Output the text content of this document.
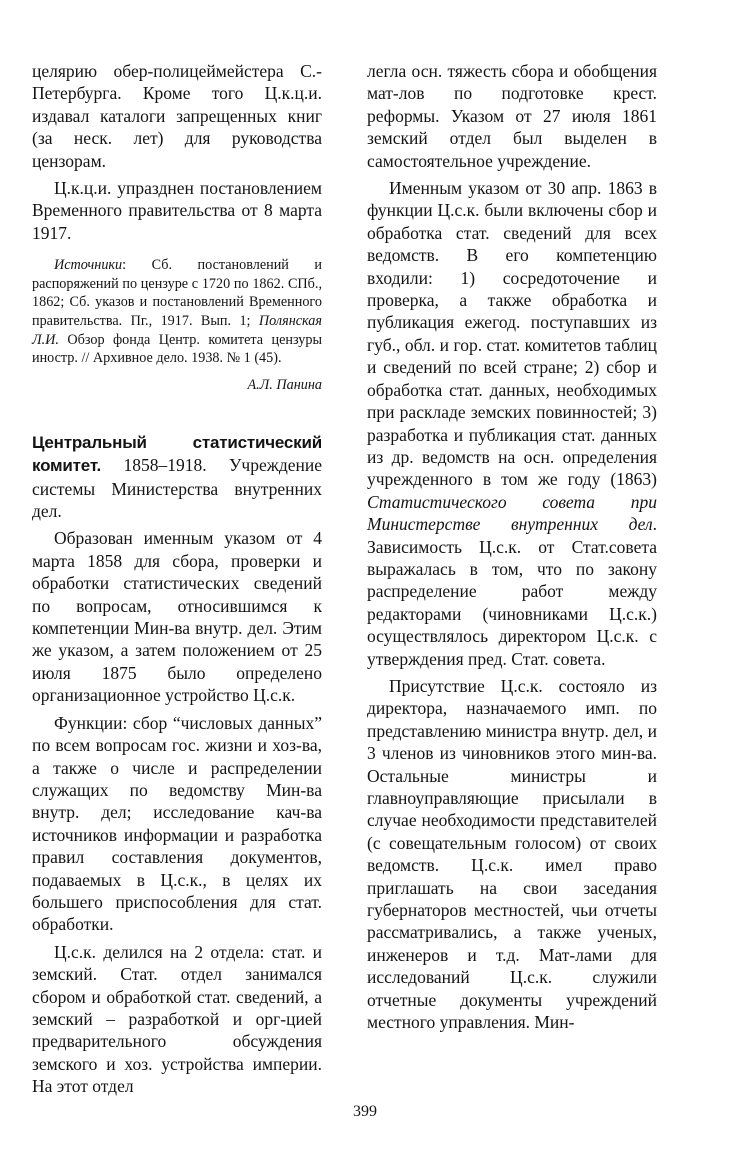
целярию обер-полицеймейстера С.-Петербурга. Кроме того Ц.к.ц.и. издавал каталоги запрещенных книг (за неск. лет) для руководства цензорам.

Ц.к.ц.и. упразднен постановлением Временного правительства от 8 марта 1917.

Источники: Сб. постановлений и распоряжений по цензуре с 1720 по 1862. СПб., 1862; Сб. указов и постановлений Временного правительства. Пг., 1917. Вып. 1; Полянская Л.И. Обзор фонда Центр. комитета цензуры иностр. // Архивное дело. 1938. № 1 (45).

А.Л. Панина

Центральный статистический комитет. 1858–1918. Учреждение системы Министерства внутренних дел.

Образован именным указом от 4 марта 1858 для сбора, проверки и обработки статистических сведений по вопросам, относившимся к компетенции Мин-ва внутр. дел. Этим же указом, а затем положением от 25 июля 1875 было определено организационное устройство Ц.с.к.

Функции: сбор “числовых данных” по всем вопросам гос. жизни и хоз-ва, а также о числе и распределении служащих по ведомству Мин-ва внутр. дел; исследование кач-ва источников информации и разработка правил составления документов, подаваемых в Ц.с.к., в целях их большего приспособления для стат. обработки.

Ц.с.к. делился на 2 отдела: стат. и земский. Стат. отдел занимался сбором и обработкой стат. сведений, а земский – разработкой и орг-цией предварительного обсуждения земского и хоз. устройства империи. На этот отдел

легла осн. тяжесть сбора и обобщения мат-лов по подготовке крест. реформы. Указом от 27 июля 1861 земский отдел был выделен в самостоятельное учреждение.

Именным указом от 30 апр. 1863 в функции Ц.с.к. были включены сбор и обработка стат. сведений для всех ведомств. В его компетенцию входили: 1) сосредоточение и проверка, а также обработка и публикация ежегод. поступавших из губ., обл. и гор. стат. комитетов таблиц и сведений по всей стране; 2) сбор и обработка стат. данных, необходимых при раскладе земских повинностей; 3) разработка и публикация стат. данных из др. ведомств на осн. определения учрежденного в том же году (1863) Статистического совета при Министерстве внутренних дел. Зависимость Ц.с.к. от Стат.совета выражалась в том, что по закону распределение работ между редакторами (чиновниками Ц.с.к.) осуществлялось директором Ц.с.к. с утверждения пред. Стат. совета.

Присутствие Ц.с.к. состояло из директора, назначаемого имп. по представлению министра внутр. дел, и 3 членов из чиновников этого мин-ва. Остальные министры и главноуправляющие присылали в случае необходимости представителей (с совещательным голосом) от своих ведомств. Ц.с.к. имел право приглашать на свои заседания губернаторов местностей, чьи отчеты рассматривались, а также ученых, инженеров и т.д. Мат-лами для исследований Ц.с.к. служили отчетные документы учреждений местного управления. Мин-

399
